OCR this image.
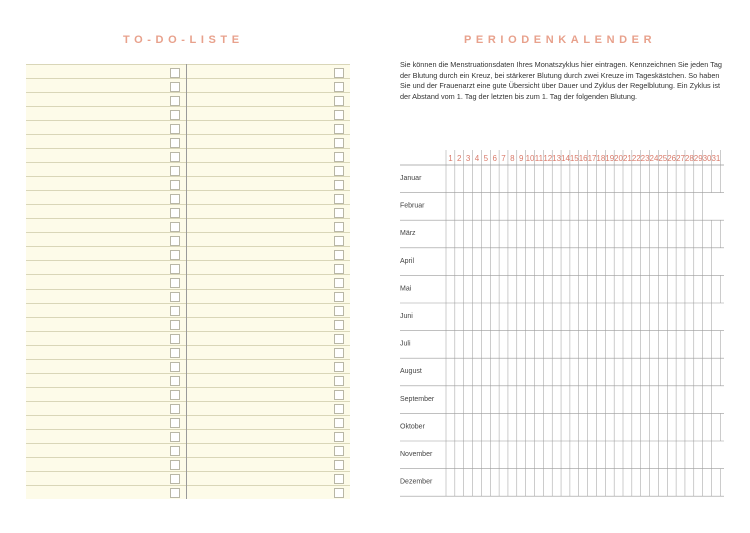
TO-DO-LISTE	PERIODENKALENDER

Sie können die Menstruationsdaten Ihres Monatszyklus hier eintragen. Kennzeichnen Sie jeden Tag der Blutung durch ein Kreuz, bei stärkerer Blutung durch zwei Kreuze im Tageskästchen. So haben Sie und der Frauenarzt eine gute Übersicht über Dauer und Zyklus der Regelblutung. Ein Zyklus ist der Abstand vom 1. Tag der letzten bis zum 1. Tag der folgenden Blutung.

1 2 3 4 5 6 7 8 9 10 11 12 13 14 15 16 17 18 19 20 21 22 23 24 25 26 27 28 29 30 31
Januar
Februar
März
April
Mai
Juni
Juli
August
September
Oktober
November
Dezember
